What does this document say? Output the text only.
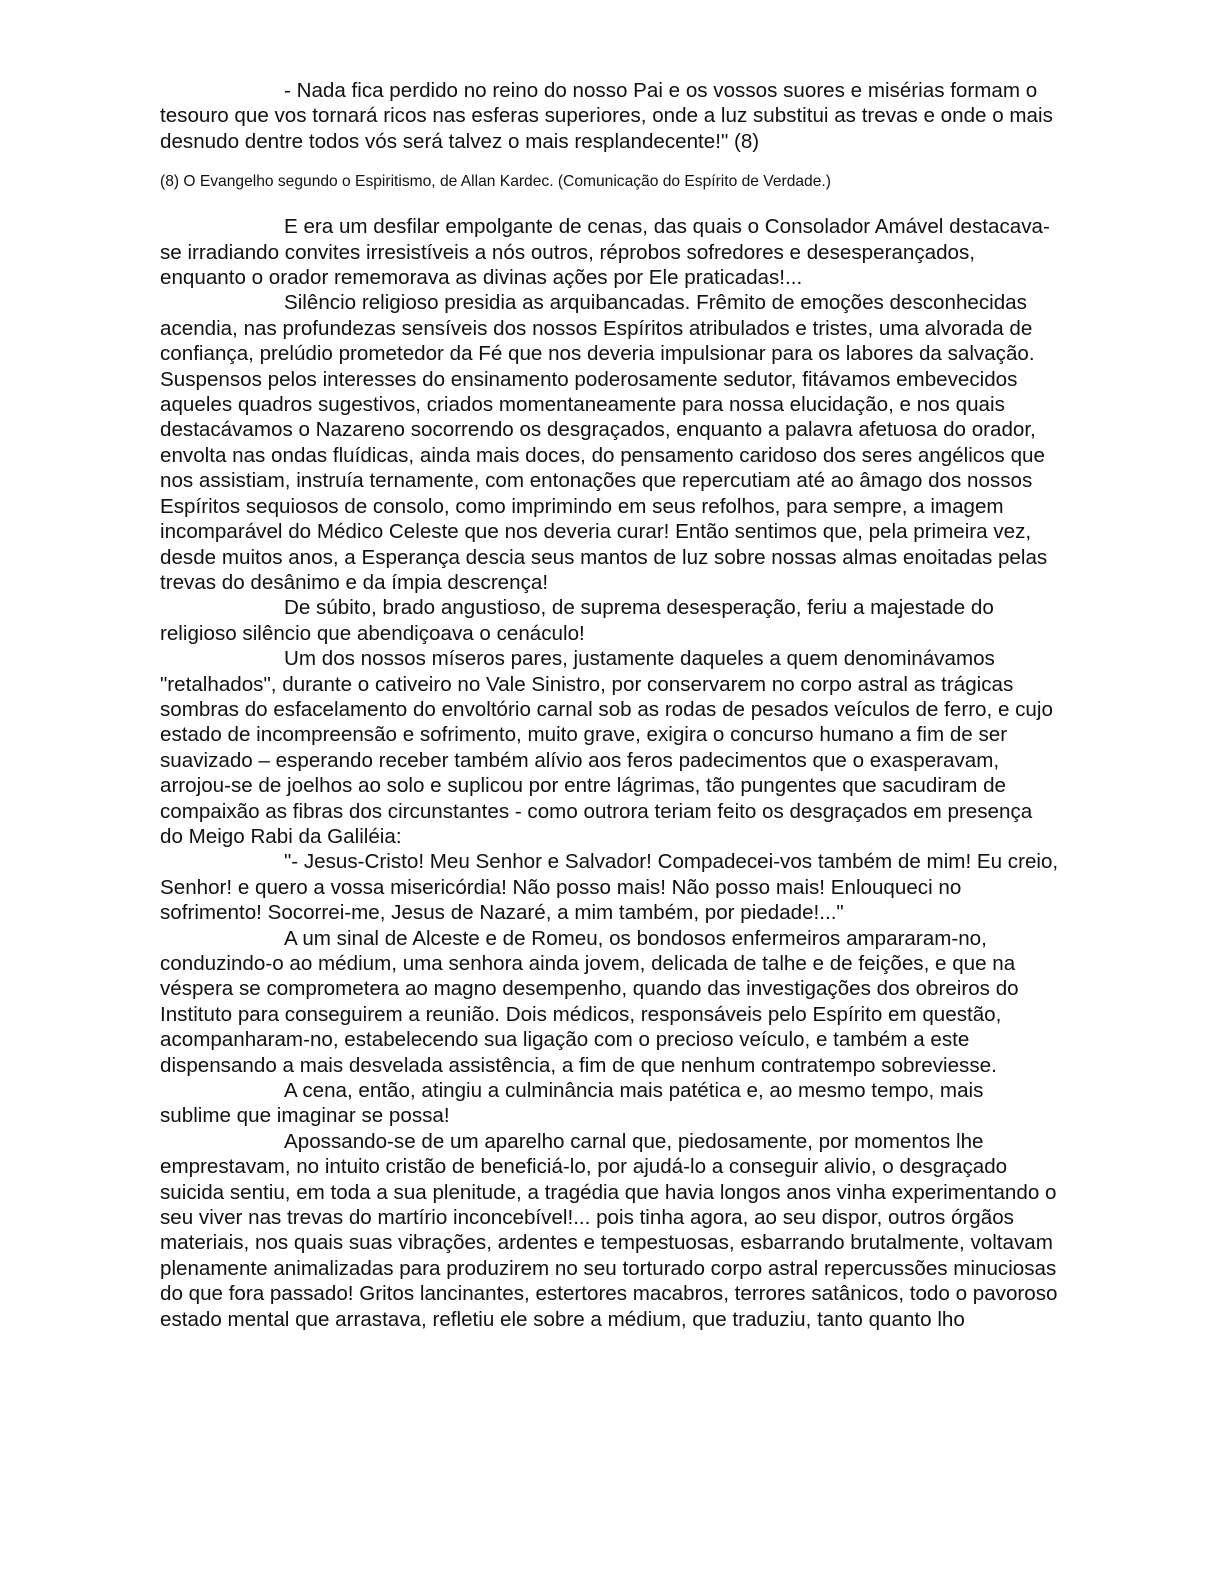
- Nada fica perdido no reino do nosso Pai e os vossos suores e misérias formam o tesouro que vos tornará ricos nas esferas superiores, onde a luz substitui as trevas e onde o mais desnudo dentre todos vós será talvez o mais resplandecente!" (8)

(8) O Evangelho segundo o Espiritismo, de Allan Kardec. (Comunicação do Espírito de Verdade.)

E era um desfilar empolgante de cenas, das quais o Consolador Amável destacava-se irradiando convites irresistíveis a nós outros, réprobos sofredores e desesperançados, enquanto o orador rememorava as divinas ações por Ele praticadas!...

Silêncio religioso presidia as arquibancadas. Frêmito de emoções desconhecidas acendia, nas profundezas sensíveis dos nossos Espíritos atribulados e tristes, uma alvorada de confiança, prelúdio prometedor da Fé que nos deveria impulsionar para os labores da salvação. Suspensos pelos interesses do ensinamento poderosamente sedutor, fitávamos embevecidos aqueles quadros sugestivos, criados momentaneamente para nossa elucidação, e nos quais destacávamos o Nazareno socorrendo os desgraçados, enquanto a palavra afetuosa do orador, envolta nas ondas fluídicas, ainda mais doces, do pensamento caridoso dos seres angélicos que nos assistiam, instruía ternamente, com entonações que repercutiam até ao âmago dos nossos Espíritos sequiosos de consolo, como imprimindo em seus refolhos, para sempre, a imagem incomparável do Médico Celeste que nos deveria curar! Então sentimos que, pela primeira vez, desde muitos anos, a Esperança descia seus mantos de luz sobre nossas almas enoitadas pelas trevas do desânimo e da ímpia descrença!

De súbito, brado angustioso, de suprema desesperação, feriu a majestade do religioso silêncio que abendiçoava o cenáculo!

Um dos nossos míseros pares, justamente daqueles a quem denominávamos "retalhados", durante o cativeiro no Vale Sinistro, por conservarem no corpo astral as trágicas sombras do esfacelamento do envoltório carnal sob as rodas de pesados veículos de ferro, e cujo estado de incompreensão e sofrimento, muito grave, exigira o concurso humano a fim de ser suavizado – esperando receber também alívio aos feros padecimentos que o exasperavam, arrojou-se de joelhos ao solo e suplicou por entre lágrimas, tão pungentes que sacudiram de compaixão as fibras dos circunstantes - como outrora teriam feito os desgraçados em presença do Meigo Rabi da Galiléia:

"- Jesus-Cristo! Meu Senhor e Salvador! Compadecei-vos também de mim! Eu creio, Senhor! e quero a vossa misericórdia! Não posso mais! Não posso mais! Enlouqueci no sofrimento! Socorrei-me, Jesus de Nazaré, a mim também, por piedade!..."

A um sinal de Alceste e de Romeu, os bondosos enfermeiros ampararam-no, conduzindo-o ao médium, uma senhora ainda jovem, delicada de talhe e de feições, e que na véspera se comprometera ao magno desempenho, quando das investigações dos obreiros do Instituto para conseguirem a reunião. Dois médicos, responsáveis pelo Espírito em questão, acompanharam-no, estabelecendo sua ligação com o precioso veículo, e também a este dispensando a mais desvelada assistência, a fim de que nenhum contratempo sobreviesse.

A cena, então, atingiu a culminância mais patética e, ao mesmo tempo, mais sublime que imaginar se possa!

Apossando-se de um aparelho carnal que, piedosamente, por momentos lhe emprestavam, no intuito cristão de beneficiá-lo, por ajudá-lo a conseguir alivio, o desgraçado suicida sentiu, em toda a sua plenitude, a tragédia que havia longos anos vinha experimentando o seu viver nas trevas do martírio inconcebível!... pois tinha agora, ao seu dispor, outros órgãos materiais, nos quais suas vibrações, ardentes e tempestuosas, esbarrando brutalmente, voltavam plenamente animalizadas para produzirem no seu torturado corpo astral repercussões minuciosas do que fora passado! Gritos lancinantes, estertores macabros, terrores satânicos, todo o pavoroso estado mental que arrastava, refletiu ele sobre a médium, que traduziu, tanto quanto lho
